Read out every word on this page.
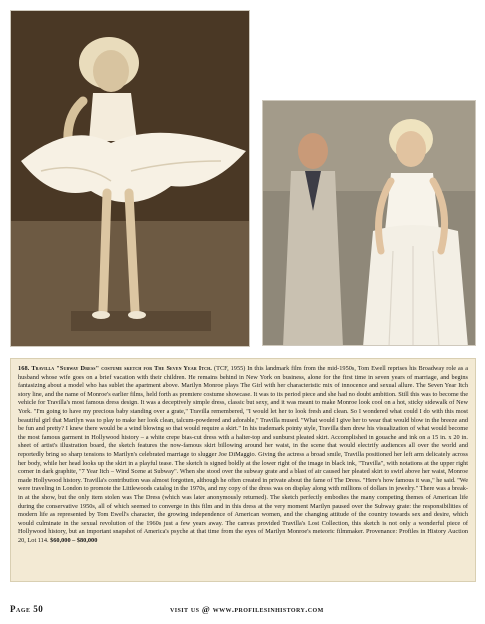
168. Travilla "Subway Dress" costume sketch for The Seven Year Itch. (TCF, 1955) In this landmark film from the mid-1950s, Tom Ewell reprises his Broadway role as a husband whose wife goes on a brief vacation with their children. He remains behind in New York on business, alone for the first time in seven years of marriage, and begins fantasizing about a model who has sublet the apartment above. Marilyn Monroe plays The Girl with her characteristic mix of innocence and sexual allure. The Seven Year Itch story line, and the name of Monroe's earlier films, held forth as premiere costume showcase. It was to its period piece and she had no doubt ambition. Still this was to become the vehicle for Travilla's most famous dress design. It was a deceptively simple dress, classic but sexy, and it was meant to make Monroe look cool on a hot, sticky sidewalk of New York. "I'm going to have my precious baby standing over a grate," Travilla remembered, "I would let her to look fresh and clean. So I wondered what could I do with this most beautiful girl that Marilyn was to play to make her look clean, talcum-powdered and adorable," Travilla mused. "What would I give her to wear that would blow in the breeze and be fun and pretty? I knew there would be a wind blowing so that would require a skirt." In his trademark pointy style, Travilla then drew his visualization of what would become the most famous garment in Hollywood history – a white crepe bias-cut dress with a halter-top and sunburst pleated skirt. Accomplished in gouache and ink on a 15 in. x 20 in. sheet of artist's illustration board, the sketch features the now-famous skirt billowing around her waist, in the scene that would electrify audiences all over the world and reportedly bring so sharp tensions to Marilyn's celebrated marriage to slugger Joe DiMaggio. Giving the actress a broad smile, Travilla positioned her left arm delicately across her body, while her head looks up the skirt in a playful tease. The sketch is signed boldly at the lower right of the image in black ink, "Travilla", with notations at the upper right corner in dark graphite, "7 Year Itch – Wind Scene at Subway". When she stood over the subway grate and a blast of air caused her pleated skirt to swirl above her waist, Monroe made Hollywood history. Travilla's contribution was almost forgotten, although he often created in private about the fame of The Dress. "Here's how famous it was," he said. "We were traveling in London to promote the Littlewoods catalog in the 1970s, and my copy of the dress was on display along with millions of dollars in jewelry." There was a break-in at the show, but the only item stolen was The Dress (which was later anonymously returned). The sketch perfectly embodies the many competing themes of American life during the conservative 1950s, all of which seemed to converge in this film and in this dress at the very moment Marilyn paused over the Subway grate: the responsibilities of modern life as represented by Tom Ewell's character, the growing independence of American women, and the changing attitude of the country towards sex and desire, which would culminate in the sexual revolution of the 1960s just a few years away. The canvas provided Travilla's Lost Collection, this sketch is not only a wonderful piece of Hollywood history, but an important snapshot of America's psyche at that time from the eyes of Marilyn Monroe's meteoric filmmaker. Provenance: Profiles in History Auction 20, Lot 114. $60,000 – $80,000
Page 50	visit us @ www.profilesinhistory.com
